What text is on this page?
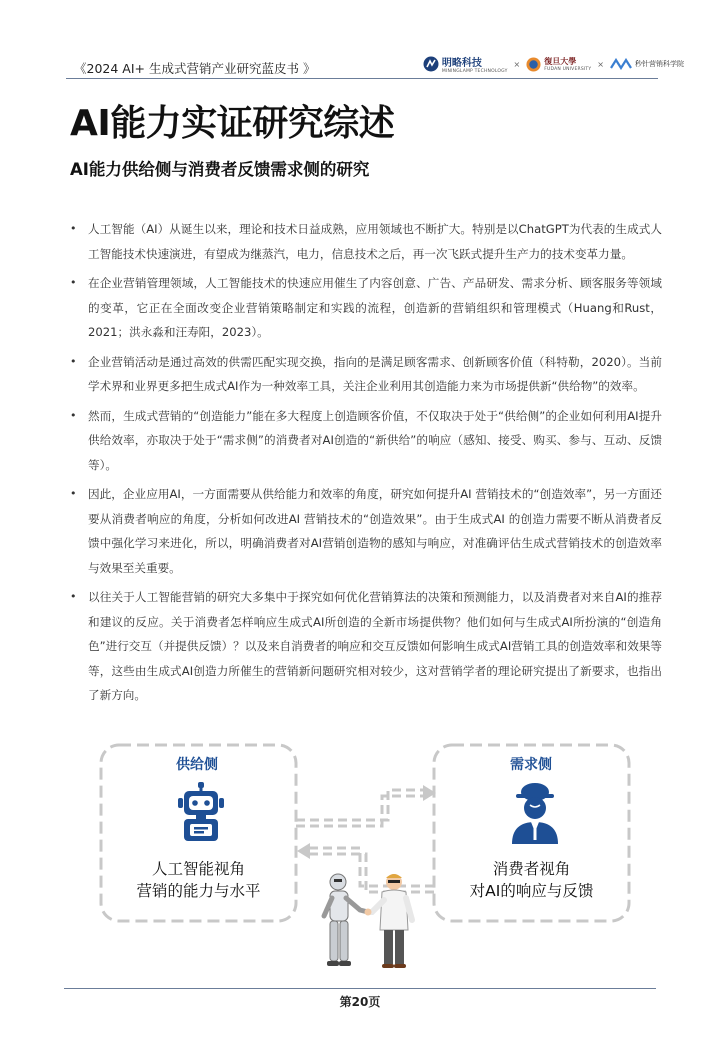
《2024 AI+ 生成式营销产业研究蓝皮书 》	明略科技
MININGLAMP TECHNOLOGY
×	復旦大學
FUDAN UNIVERSITY
×	秒针营销科学院
AI能力实证研究综述
AI能力供给侧与消费者反馈需求侧的研究
• 人工智能（AI）从诞生以来，理论和技术日益成熟，应用领域也不断扩大。特别是以ChatGPT为代表的生成式人工智能技术快速演进，有望成为继蒸汽，电力，信息技术之后，再一次飞跃式提升生产力的技术变革力量。
• 在企业营销管理领域，人工智能技术的快速应用催生了内容创意、广告、产品研发、需求分析、顾客服务等领域的变革，它正在全面改变企业营销策略制定和实践的流程，创造新的营销组织和管理模式（Huang和Rust，2021；洪永淼和汪寿阳，2023）。
• 企业营销活动是通过高效的供需匹配实现交换，指向的是满足顾客需求、创新顾客价值（科特勒，2020）。当前学术界和业界更多把生成式AI作为一种效率工具，关注企业利用其创造能力来为市场提供新“供给物”的效率。
• 然而，生成式营销的“创造能力”能在多大程度上创造顾客价值，不仅取决于处于“供给侧”的企业如何利用AI提升供给效率，亦取决于处于“需求侧”的消费者对AI创造的“新供给”的响应（感知、接受、购买、参与、互动、反馈等）。
• 因此，企业应用AI，一方面需要从供给能力和效率的角度，研究如何提升AI 营销技术的“创造效率”，另一方面还要从消费者响应的角度，分析如何改进AI 营销技术的“创造效果”。由于生成式AI 的创造力需要不断从消费者反馈中强化学习来进化，所以，明确消费者对AI营销创造物的感知与响应，对准确评估生成式营销技术的创造效率与效果至关重要。
• 以往关于人工智能营销的研究大多集中于探究如何优化营销算法的决策和预测能力，以及消费者对来自AI的推荐和建议的反应。关于消费者怎样响应生成式AI所创造的全新市场提供物？他们如何与生成式AI所扮演的“创造角色”进行交互（并提供反馈）？以及来自消费者的响应和交互反馈如何影响生成式AI营销工具的创造效率和效果等等，这些由生成式AI创造力所催生的营销新问题研究相对较少，这对营销学者的理论研究提出了新要求，也指出了新方向。
供给侧	需求侧
人工智能视角
营销的能力与水平
消费者视角
对AI的响应与反馈
第20页
